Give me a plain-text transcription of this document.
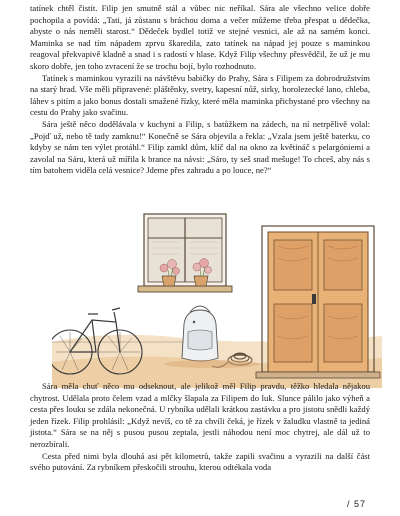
tatínek chtěl čistit. Filip jen smutně stál a vůbec nic neříkal. Sára ale všechno velice dobře pochopila a povídá: „Tati, já zůstanu s bráchou doma a večer můžeme třeba přespat u dědečka, abyste o nás neměli starost.“ Dědeček bydlel totiž ve stejné vesnici, ale až na samém konci. Maminka se nad tím nápadem zprvu škaredila, zato tatínek na nápad jej pouze s maminkou reagoval překvapivě kladně a snad i s radostí v hlase. Když Filip všechny přesvědčil, že už je mu skoro dobře, jen toho zvracení že se trochu bojí, bylo rozhodnuto.

Tatínek s maminkou vyrazili na návštěvu babičky do Prahy, Sára s Filipem za dobrodružstvím na starý hrad. Vše měli připravené: pláštěnky, svetry, kapesní nůž, sirky, horolezecké lano, chleba, láhev s pitím a jako bonus dostali smažené řízky, které měla maminka přichystané pro všechny na cestu do Prahy jako svačinu.

Sára ještě něco dodělávala v kuchyni a Filip, s batůžkem na zádech, na ní netrpělivě volal: „Pojď už, nebo tě tady zamknu!“ Konečně se Sára objevila a řekla: „Vzala jsem ještě baterku, co kdyby se nám ten výlet protáhl.“ Filip zamkl dům, klíč dal na okno za květináč s pelargóniemi a zavolal na Sáru, která už mířila k brance na návsi: „Sáro, ty seš snad mešuge! To chceš, aby nás s tím batohem viděla celá vesnice? Jdeme přes zahradu a po louce, ne?“

Sára měla chuť něco mu odseknout, ale jelikož měl Filip pravdu, těžko hledala nějakou chytrost. Udělala proto čelem vzad a mlčky šlapala za Filipem do luk. Slunce pálilo jako výheň a cesta přes louku se zdála nekonečná. U rybníka udělali krátkou zastávku a pro jistotu snědli každý jeden řízek. Filip prohlásil: „Když nevíš, co tě za chvíli čeká, je řízek v žaludku vlastně ta jediná jistota.“ Sára se na něj s pusou pusou zeptala, jestli náhodou není moc chytrej, ale dál už to nerozbírali.

Cesta před nimi byla dlouhá asi pět kilometrů, takže zapili svačinu a vyrazili na další část svého putování. Za rybníkem přeskočili strouhu, kterou odtékala voda

/ 57
